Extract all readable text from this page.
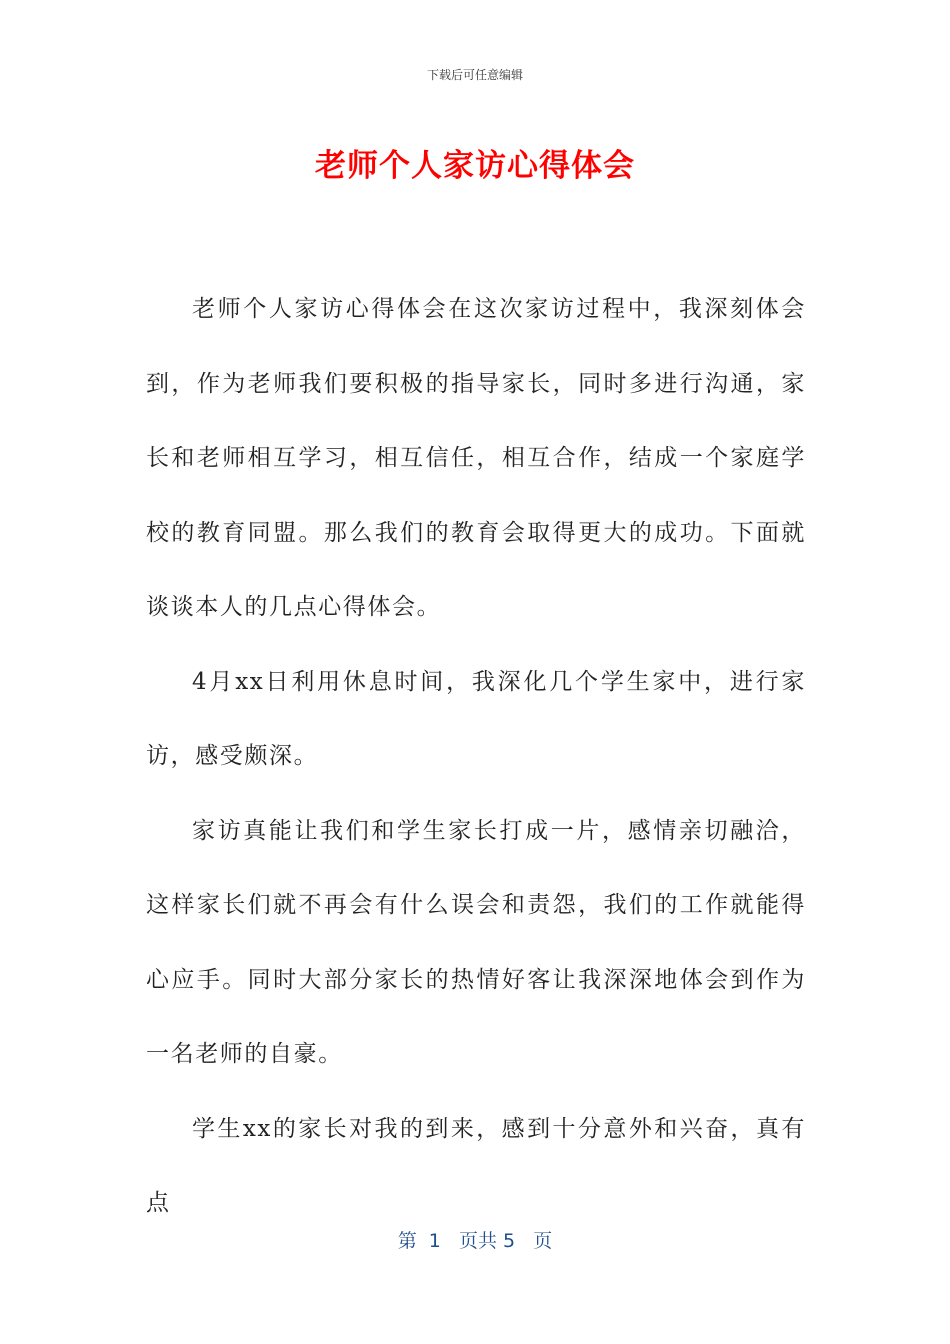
下载后可任意编辑
老师个人家访心得体会

老师个人家访心得体会在这次家访过程中，我深刻体会到，作为老师我们要积极的指导家长，同时多进行沟通，家长和老师相互学习，相互信任，相互合作，结成一个家庭学校的教育同盟。那么我们的教育会取得更大的成功。下面就谈谈本人的几点心得体会。

4月xx日利用休息时间，我深化几个学生家中，进行家访，感受颇深。

家访真能让我们和学生家长打成一片，感情亲切融洽，这样家长们就不再会有什么误会和责怨，我们的工作就能得心应手。同时大部分家长的热情好客让我深深地体会到作为一名老师的自豪。

学生xx的家长对我的到来，感到十分意外和兴奋，真有点

第  1   页共 5   页
